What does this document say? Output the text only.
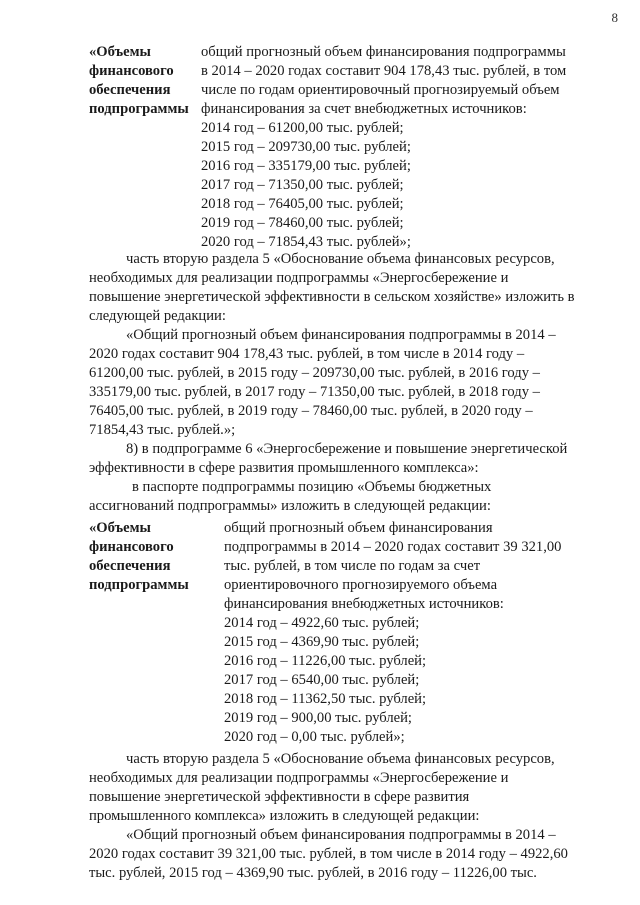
8
«Объемы
финансового
обеспечения
подпрограммы
общий прогнозный объем финансирования подпрограммы
в 2014 – 2020 годах составит 904 178,43 тыс. рублей, в том
числе по годам ориентировочный прогнозируемый объем
финансирования за счет внебюджетных источников:
2014 год – 61200,00 тыс. рублей;
2015 год – 209730,00 тыс. рублей;
2016 год – 335179,00 тыс. рублей;
2017 год – 71350,00 тыс. рублей;
2018 год – 76405,00 тыс. рублей;
2019 год – 78460,00 тыс. рублей;
2020 год – 71854,43 тыс. рублей»;
часть вторую раздела 5 «Обоснование объема финансовых ресурсов,
необходимых для реализации подпрограммы «Энергосбережение и
повышение энергетической эффективности в сельском хозяйстве» изложить в
следующей редакции:
«Общий прогнозный объем финансирования подпрограммы в 2014 –
2020 годах составит 904 178,43 тыс. рублей, в том числе в 2014 году –
61200,00 тыс. рублей, в 2015 году – 209730,00 тыс. рублей, в 2016 году –
335179,00 тыс. рублей, в 2017 году – 71350,00 тыс. рублей, в 2018 году –
76405,00 тыс. рублей, в 2019 году – 78460,00 тыс. рублей, в 2020 году –
71854,43 тыс. рублей.»;
8) в подпрограмме 6 «Энергосбережение и повышение энергетической
эффективности в сфере развития промышленного комплекса»:
в паспорте подпрограммы позицию «Объемы бюджетных
ассигнований подпрограммы» изложить в следующей редакции:
«Объемы
финансового
обеспечения
подпрограммы
общий прогнозный объем финансирования
подпрограммы в 2014 – 2020 годах составит 39 321,00
тыс. рублей, в том числе по годам за счет
ориентировочного прогнозируемого объема
финансирования внебюджетных источников:
2014 год – 4922,60 тыс. рублей;
2015 год – 4369,90 тыс. рублей;
2016 год – 11226,00 тыс. рублей;
2017 год – 6540,00 тыс. рублей;
2018 год – 11362,50 тыс. рублей;
2019 год – 900,00 тыс. рублей;
2020 год – 0,00 тыс. рублей»;
часть вторую раздела 5 «Обоснование объема финансовых ресурсов,
необходимых для реализации подпрограммы «Энергосбережение и
повышение энергетической эффективности в сфере развития
промышленного комплекса» изложить в следующей редакции:
«Общий прогнозный объем финансирования подпрограммы в 2014 –
2020 годах составит 39 321,00 тыс. рублей, в том числе в 2014 году – 4922,60
тыс. рублей, 2015 год – 4369,90 тыс. рублей, в 2016 году – 11226,00 тыс.
